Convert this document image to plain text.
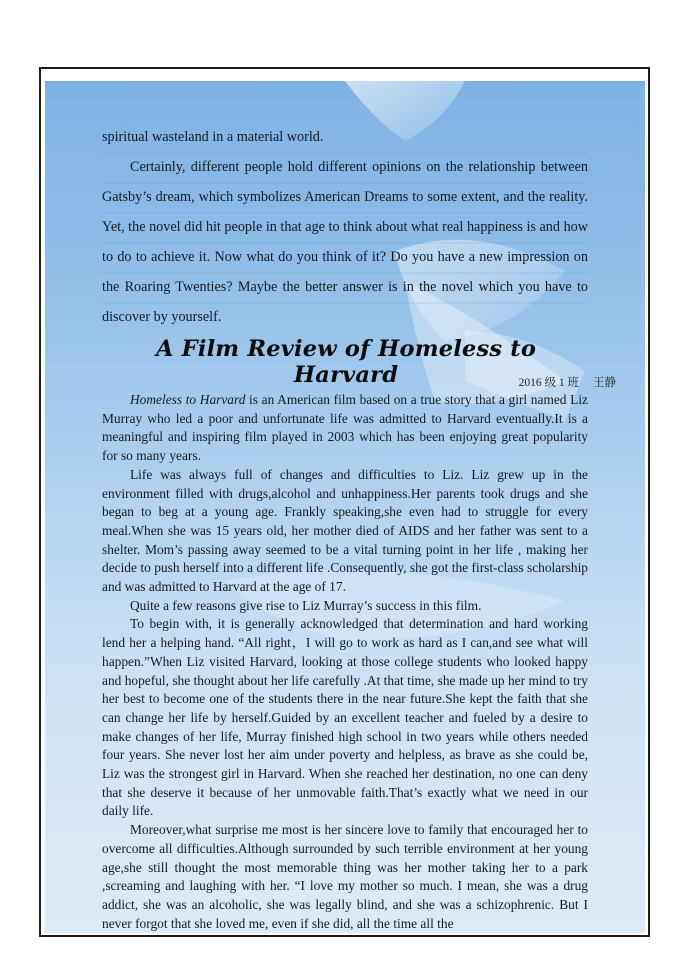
spiritual wasteland in a material world.

Certainly, different people hold different opinions on the relationship between Gatsby’s dream, which symbolizes American Dreams to some extent, and the reality. Yet, the novel did hit people in that age to think about what real happiness is and how to do to achieve it. Now what do you think of it? Do you have a new impression on the Roaring Twenties? Maybe the better answer is in the novel which you have to discover by yourself.

A Film Review of Homeless to Harvard	2016 级 1 班 王静

Homeless to Harvard is an American film based on a true story that a girl named Liz Murray who led a poor and unfortunate life was admitted to Harvard eventually.It is a meaningful and inspiring film played in 2003 which has been enjoying great popularity for so many years.

Life was always full of changes and difficulties to Liz. Liz grew up in the environment filled with drugs,alcohol and unhappiness.Her parents took drugs and she began to beg at a young age. Frankly speaking,she even had to struggle for every meal.When she was 15 years old, her mother died of AIDS and her father was sent to a shelter. Mom’s passing away seemed to be a vital turning point in her life , making her decide to push herself into a different life .Consequently, she got the first-class scholarship and was admitted to Harvard at the age of 17.

Quite a few reasons give rise to Liz Murray’s success in this film.

To begin with, it is generally acknowledged that determination and hard working lend her a helping hand. “All right，I will go to work as hard as I can,and see what will happen.”When Liz visited Harvard, looking at those college students who looked happy and hopeful, she thought about her life carefully .At that time, she made up her mind to try her best to become one of the students there in the near future.She kept the faith that she can change her life by herself.Guided by an excellent teacher and fueled by a desire to make changes of her life, Murray finished high school in two years while others needed four years. She never lost her aim under poverty and helpless, as brave as she could be, Liz was the strongest girl in Harvard. When she reached her destination, no one can deny that she deserve it because of her unmovable faith.That’s exactly what we need in our daily life.

Moreover,what surprise me most is her sincere love to family that encouraged her to overcome all difficulties.Although surrounded by such terrible environment at her young age,she still thought the most memorable thing was her mother taking her to a park ,screaming and laughing with her. “I love my mother so much. I mean, she was a drug addict, she was an alcoholic, she was legally blind, and she was a schizophrenic. But I never forgot that she loved me, even if she did, all the time all the
